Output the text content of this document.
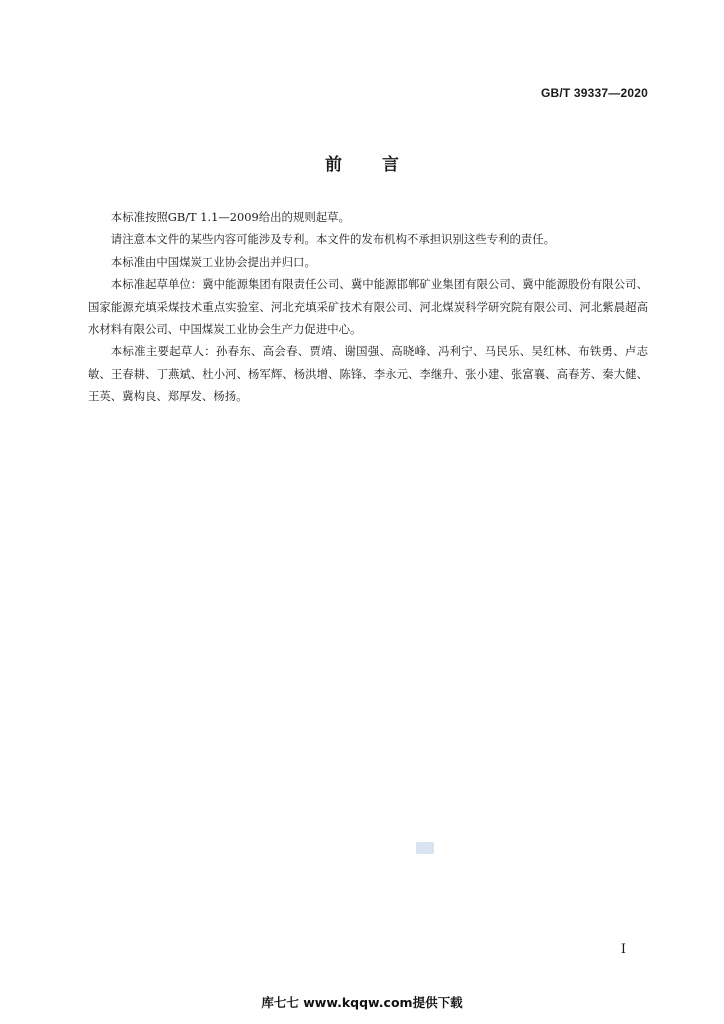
GB/T 39337—2020
前言

本标准按照GB/T 1.1—2009给出的规则起草。

请注意本文件的某些内容可能涉及专利。本文件的发布机构不承担识别这些专利的责任。

本标准由中国煤炭工业协会提出并归口。

本标准起草单位：冀中能源集团有限责任公司、冀中能源邯郸矿业集团有限公司、冀中能源股份有限公司、国家能源充填采煤技术重点实验室、河北充填采矿技术有限公司、河北煤炭科学研究院有限公司、河北紫晨超高水材料有限公司、中国煤炭工业协会生产力促进中心。

本标准主要起草人：孙春东、高会春、贾靖、谢国强、高晓峰、冯利宁、马民乐、吴红林、布铁勇、卢志敏、王春耕、丁燕斌、杜小河、杨军辉、杨洪增、陈锋、李永元、李继升、张小建、张富襄、高春芳、秦大健、王英、冀构良、郑厚发、杨扬。

I
库七七 www.kqqw.com提供下载
